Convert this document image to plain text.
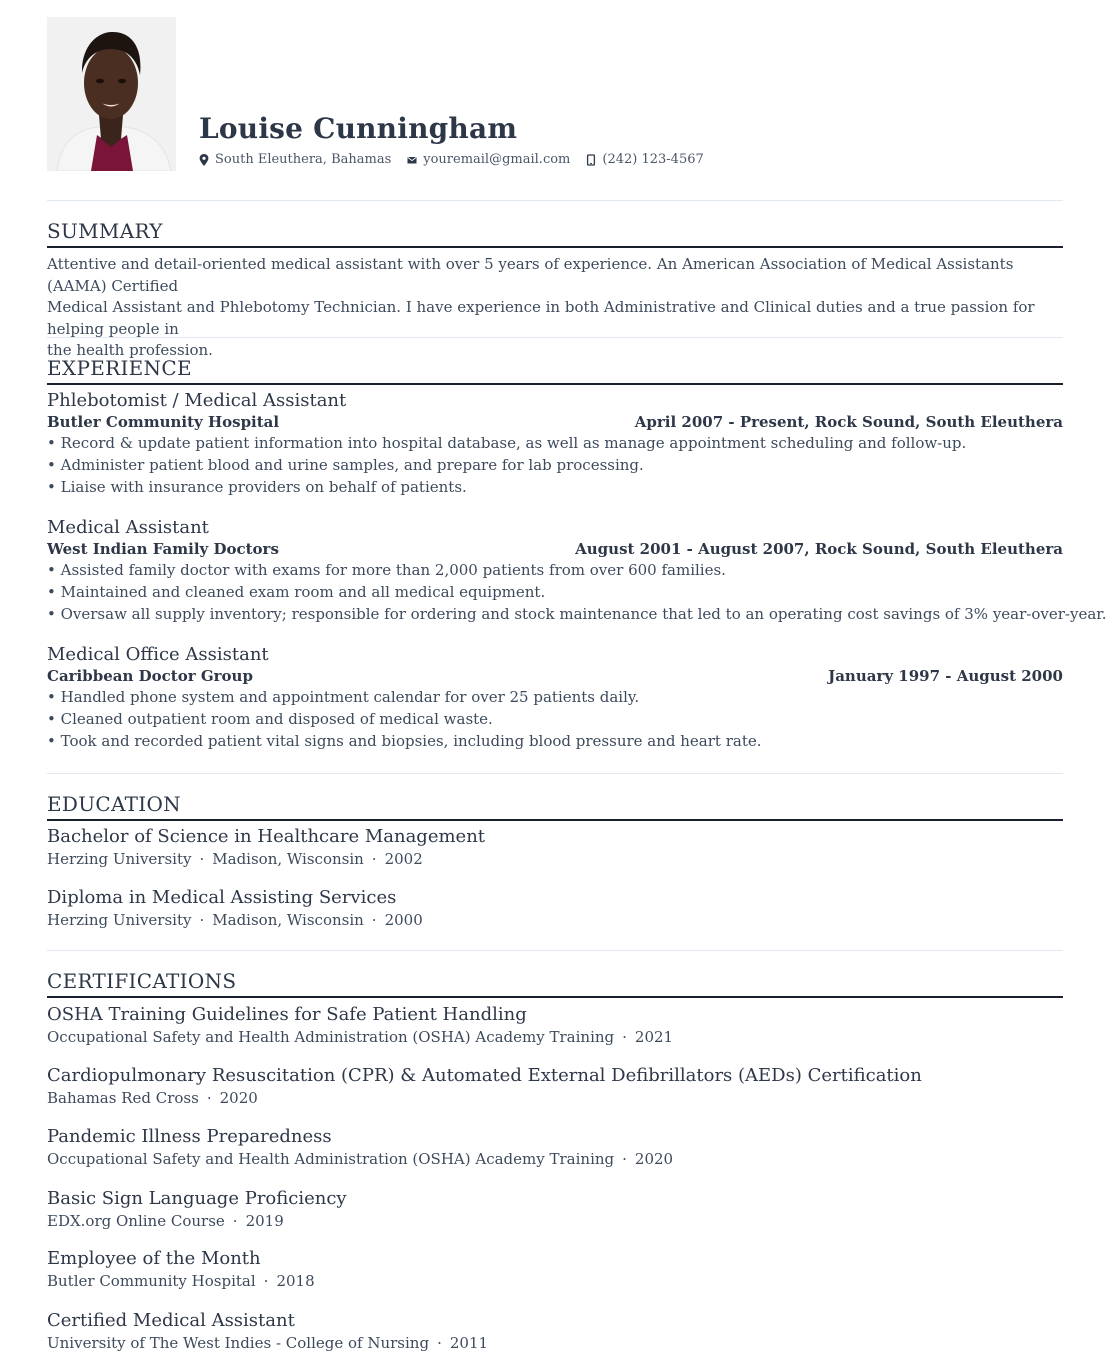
Louise Cunningham
South Eleuthera, Bahamas youremail@gmail.com (242) 123-4567
SUMMARY
Attentive and detail-oriented medical assistant with over 5 years of experience. An American Association of Medical Assistants (AAMA) Certified
Medical Assistant and Phlebotomy Technician. I have experience in both Administrative and Clinical duties and a true passion for helping people in
the health profession.
EXPERIENCE
Phlebotomist / Medical Assistant
Butler Community Hospital	April 2007 - Present, Rock Sound, South Eleuthera
• Record & update patient information into hospital database, as well as manage appointment scheduling and follow-up.
• Administer patient blood and urine samples, and prepare for lab processing.
• Liaise with insurance providers on behalf of patients.
Medical Assistant
West Indian Family Doctors	August 2001 - August 2007, Rock Sound, South Eleuthera
• Assisted family doctor with exams for more than 2,000 patients from over 600 families.
• Maintained and cleaned exam room and all medical equipment.
• Oversaw all supply inventory; responsible for ordering and stock maintenance that led to an operating cost savings of 3% year-over-year.
Medical Office Assistant
Caribbean Doctor Group	January 1997 - August 2000
• Handled phone system and appointment calendar for over 25 patients daily.
• Cleaned outpatient room and disposed of medical waste.
• Took and recorded patient vital signs and biopsies, including blood pressure and heart rate.
EDUCATION
Bachelor of Science in Healthcare Management
Herzing University · Madison, Wisconsin · 2002
Diploma in Medical Assisting Services
Herzing University · Madison, Wisconsin · 2000
CERTIFICATIONS
OSHA Training Guidelines for Safe Patient Handling
Occupational Safety and Health Administration (OSHA) Academy Training · 2021
Cardiopulmonary Resuscitation (CPR) & Automated External Defibrillators (AEDs) Certification
Bahamas Red Cross · 2020
Pandemic Illness Preparedness
Occupational Safety and Health Administration (OSHA) Academy Training · 2020
Basic Sign Language Proficiency
EDX.org Online Course · 2019
Employee of the Month
Butler Community Hospital · 2018
Certified Medical Assistant
University of The West Indies - College of Nursing · 2011
